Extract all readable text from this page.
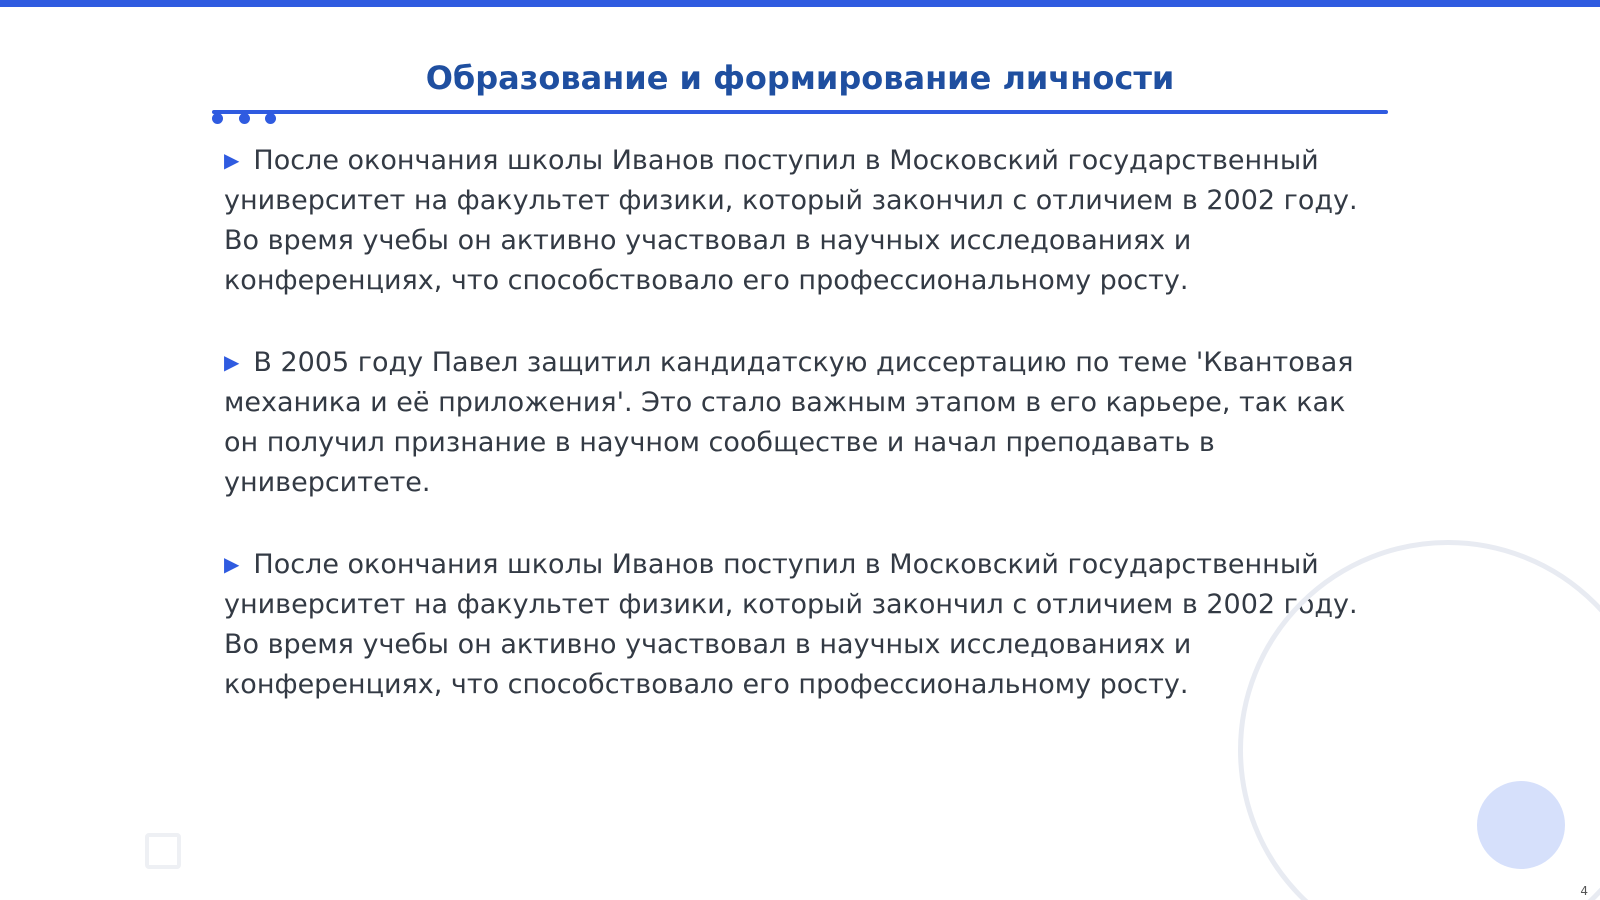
Образование и формирование личности

▶ После окончания школы Иванов поступил в Московский государственный университет на факультет физики, который закончил с отличием в 2002 году. Во время учебы он активно участвовал в научных исследованиях и конференциях, что способствовало его профессиональному росту.

▶ В 2005 году Павел защитил кандидатскую диссертацию по теме 'Квантовая механика и её приложения'. Это стало важным этапом в его карьере, так как он получил признание в научном сообществе и начал преподавать в университете.

▶ После окончания школы Иванов поступил в Московский государственный университет на факультет физики, который закончил с отличием в 2002 году. Во время учебы он активно участвовал в научных исследованиях и конференциях, что способствовало его профессиональному росту.

4
